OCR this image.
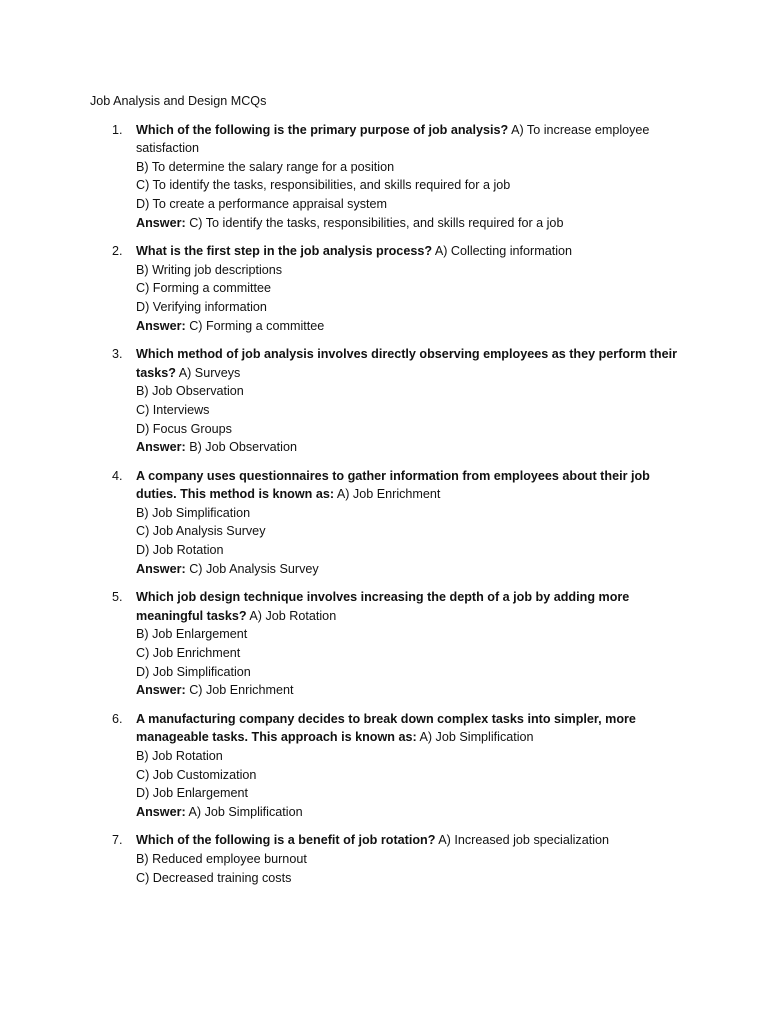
Job Analysis and Design MCQs
1. Which of the following is the primary purpose of job analysis? A) To increase employee satisfaction
B) To determine the salary range for a position
C) To identify the tasks, responsibilities, and skills required for a job
D) To create a performance appraisal system
Answer: C) To identify the tasks, responsibilities, and skills required for a job
2. What is the first step in the job analysis process? A) Collecting information
B) Writing job descriptions
C) Forming a committee
D) Verifying information
Answer: C) Forming a committee
3. Which method of job analysis involves directly observing employees as they perform their tasks? A) Surveys
B) Job Observation
C) Interviews
D) Focus Groups
Answer: B) Job Observation
4. A company uses questionnaires to gather information from employees about their job duties. This method is known as: A) Job Enrichment
B) Job Simplification
C) Job Analysis Survey
D) Job Rotation
Answer: C) Job Analysis Survey
5. Which job design technique involves increasing the depth of a job by adding more meaningful tasks? A) Job Rotation
B) Job Enlargement
C) Job Enrichment
D) Job Simplification
Answer: C) Job Enrichment
6. A manufacturing company decides to break down complex tasks into simpler, more manageable tasks. This approach is known as: A) Job Simplification
B) Job Rotation
C) Job Customization
D) Job Enlargement
Answer: A) Job Simplification
7. Which of the following is a benefit of job rotation? A) Increased job specialization
B) Reduced employee burnout
C) Decreased training costs
